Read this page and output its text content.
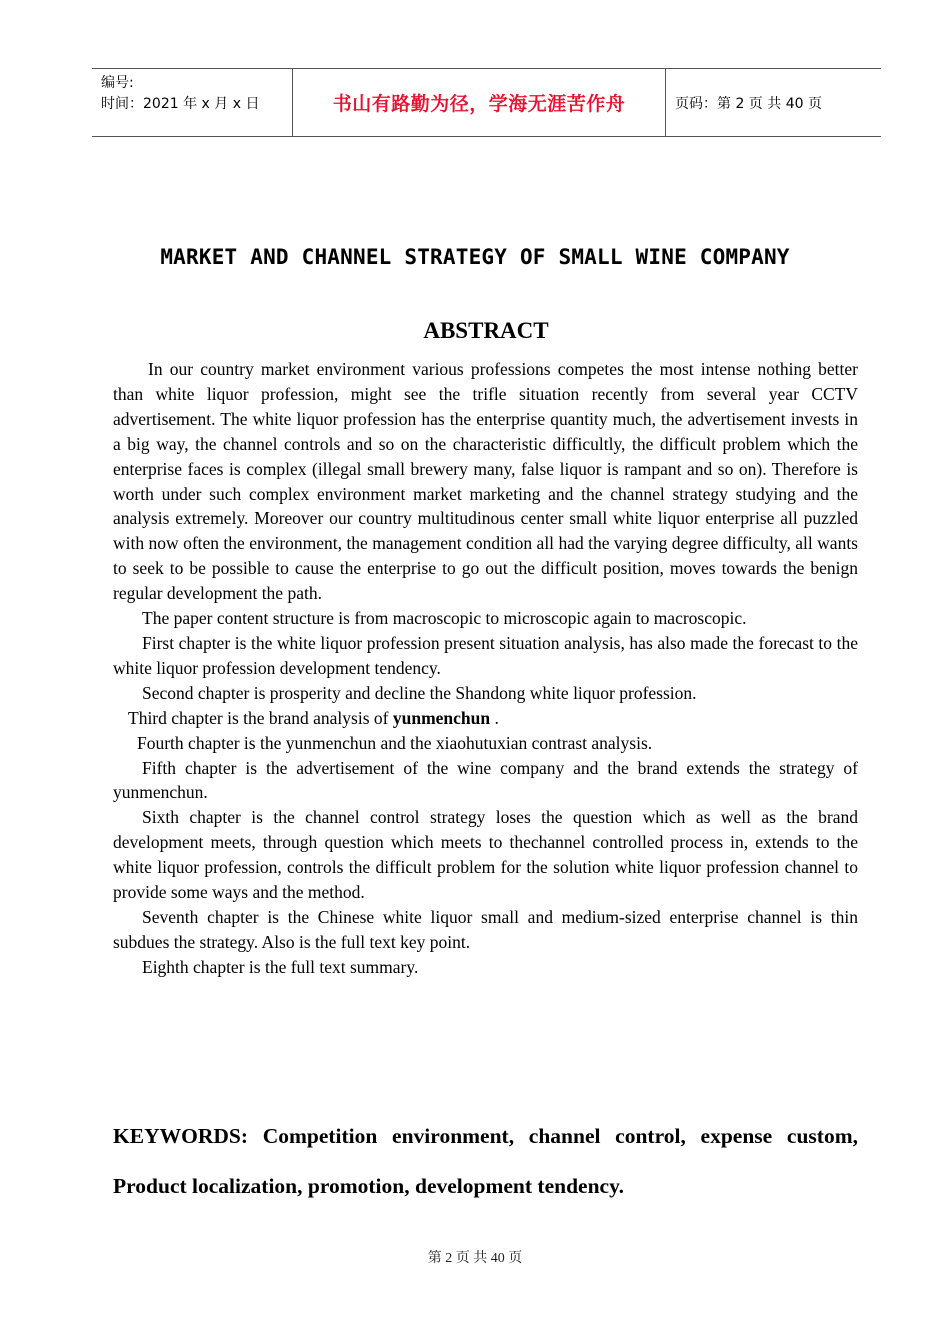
编号:
时间：2021 年 x 月 x 日	书山有路勤为径，学海无涯苦作舟	页码：第 2 页 共 40 页
MARKET AND CHANNEL STRATEGY OF SMALL WINE COMPANY
ABSTRACT

In our country market environment various professions competes the most intense nothing better than white liquor profession, might see the trifle situation recently from several year CCTV advertisement. The white liquor profession has the enterprise quantity much, the advertisement invests in a big way, the channel controls and so on the characteristic difficultly, the difficult problem which the enterprise faces is complex (illegal small brewery many, false liquor is rampant and so on). Therefore is worth under such complex environment market marketing and the channel strategy studying and the analysis extremely. Moreover our country multitudinous center small white liquor enterprise all puzzled with now often the environment, the management condition all had the varying degree difficulty, all wants to seek to be possible to cause the enterprise to go out the difficult position, moves towards the benign regular development the path.

The paper content structure is from macroscopic to microscopic again to macroscopic.

First chapter is the white liquor profession present situation analysis, has also made the forecast to the white liquor profession development tendency.

Second chapter is prosperity and decline the Shandong white liquor profession.

Third chapter is the brand analysis of yunmenchun .

Fourth chapter is the yunmenchun and the xiaohutuxian contrast analysis.

Fifth chapter is the advertisement of the wine company and the brand extends the strategy of yunmenchun.

Sixth chapter is the channel control strategy loses the question which as well as the brand development meets, through question which meets to thechannel controlled process in, extends to the white liquor profession, controls the difficult problem for the solution white liquor profession channel to provide some ways and the method.

Seventh chapter is the Chinese white liquor small and medium-sized enterprise channel is thin subdues the strategy. Also is the full text key point.

Eighth chapter is the full text summary.

KEYWORDS: Competition environment, channel control, expense custom, Product localization, promotion, development tendency.
第 2 页 共 40 页
